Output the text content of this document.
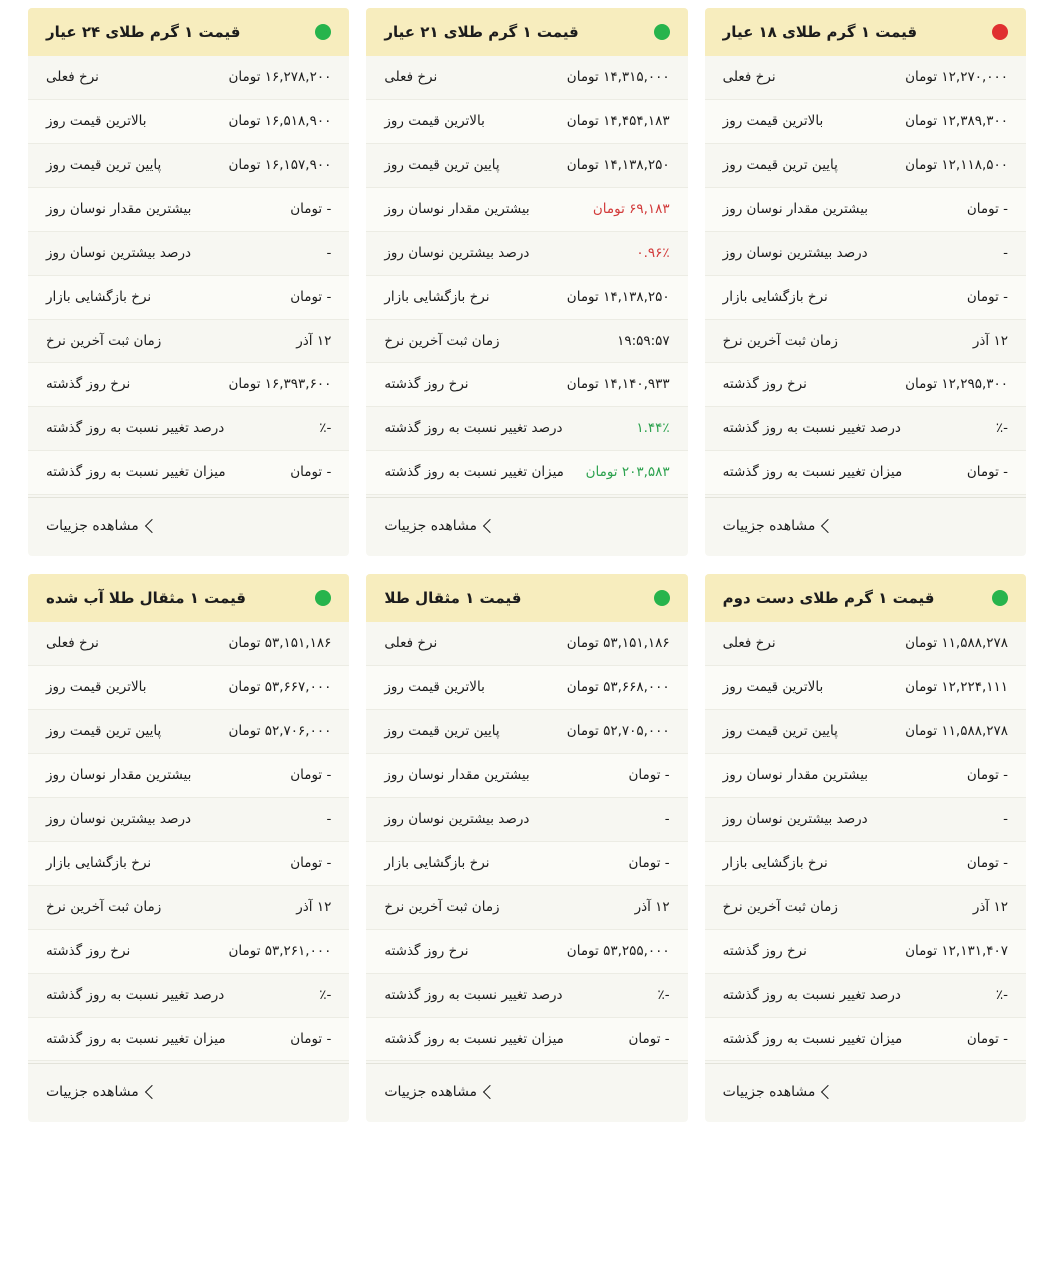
قیمت ۱ گرم طلای ۱۸ عیار
نرخ فعلی	۱۲,۲۷۰,۰۰۰ تومان
بالاترین قیمت روز	۱۲,۳۸۹,۳۰۰ تومان
پایین ترین قیمت روز	۱۲,۱۱۸,۵۰۰ تومان
بیشترین مقدار نوسان روز	- تومان
درصد بیشترین نوسان روز	-
نرخ بازگشایی بازار	- تومان
زمان ثبت آخرین نرخ	۱۲ آذر
نرخ روز گذشته	۱۲,۲۹۵,۳۰۰ تومان
درصد تغییر نسبت به روز گذشته	-٪
میزان تغییر نسبت به روز گذشته	- تومان
مشاهده جزییات
قیمت ۱ گرم طلای ۲۱ عیار
نرخ فعلی	۱۴,۳۱۵,۰۰۰ تومان
بالاترین قیمت روز	۱۴,۴۵۴,۱۸۳ تومان
پایین ترین قیمت روز	۱۴,۱۳۸,۲۵۰ تومان
بیشترین مقدار نوسان روز	۶۹,۱۸۳ تومان
درصد بیشترین نوسان روز	۰.۹۶٪
نرخ بازگشایی بازار	۱۴,۱۳۸,۲۵۰ تومان
زمان ثبت آخرین نرخ	۱۹:۵۹:۵۷
نرخ روز گذشته	۱۴,۱۴۰,۹۳۳ تومان
درصد تغییر نسبت به روز گذشته	۱.۴۴٪
میزان تغییر نسبت به روز گذشته ۲۰۳,۵۸۳ تومان
مشاهده جزییات
قیمت ۱ گرم طلای ۲۴ عیار
نرخ فعلی	۱۶,۲۷۸,۲۰۰ تومان
بالاترین قیمت روز	۱۶,۵۱۸,۹۰۰ تومان
پایین ترین قیمت روز	۱۶,۱۵۷,۹۰۰ تومان
بیشترین مقدار نوسان روز	- تومان
درصد بیشترین نوسان روز	-
نرخ بازگشایی بازار	- تومان
زمان ثبت آخرین نرخ	۱۲ آذر
نرخ روز گذشته	۱۶,۳۹۳,۶۰۰ تومان
درصد تغییر نسبت به روز گذشته	-٪
میزان تغییر نسبت به روز گذشته	- تومان
مشاهده جزییات
قیمت ۱ گرم طلای دست دوم
نرخ فعلی	۱۱,۵۸۸,۲۷۸ تومان
بالاترین قیمت روز	۱۲,۲۲۴,۱۱۱ تومان
پایین ترین قیمت روز	۱۱,۵۸۸,۲۷۸ تومان
بیشترین مقدار نوسان روز	- تومان
درصد بیشترین نوسان روز	-
نرخ بازگشایی بازار	- تومان
زمان ثبت آخرین نرخ	۱۲ آذر
نرخ روز گذشته	۱۲,۱۳۱,۴۰۷ تومان
درصد تغییر نسبت به روز گذشته	-٪
میزان تغییر نسبت به روز گذشته	- تومان
مشاهده جزییات
قیمت ۱ مثقال طلا
نرخ فعلی	۵۳,۱۵۱,۱۸۶ تومان
بالاترین قیمت روز	۵۳,۶۶۸,۰۰۰ تومان
پایین ترین قیمت روز	۵۲,۷۰۵,۰۰۰ تومان
بیشترین مقدار نوسان روز	- تومان
درصد بیشترین نوسان روز	-
نرخ بازگشایی بازار	- تومان
زمان ثبت آخرین نرخ	۱۲ آذر
نرخ روز گذشته	۵۳,۲۵۵,۰۰۰ تومان
درصد تغییر نسبت به روز گذشته	-٪
میزان تغییر نسبت به روز گذشته	- تومان
مشاهده جزییات
قیمت ۱ مثقال طلا آب شده
نرخ فعلی	۵۳,۱۵۱,۱۸۶ تومان
بالاترین قیمت روز	۵۳,۶۶۷,۰۰۰ تومان
پایین ترین قیمت روز	۵۲,۷۰۶,۰۰۰ تومان
بیشترین مقدار نوسان روز	- تومان
درصد بیشترین نوسان روز	-
نرخ بازگشایی بازار	- تومان
زمان ثبت آخرین نرخ	۱۲ آذر
نرخ روز گذشته	۵۳,۲۶۱,۰۰۰ تومان
درصد تغییر نسبت به روز گذشته	-٪
میزان تغییر نسبت به روز گذشته	- تومان
مشاهده جزییات
